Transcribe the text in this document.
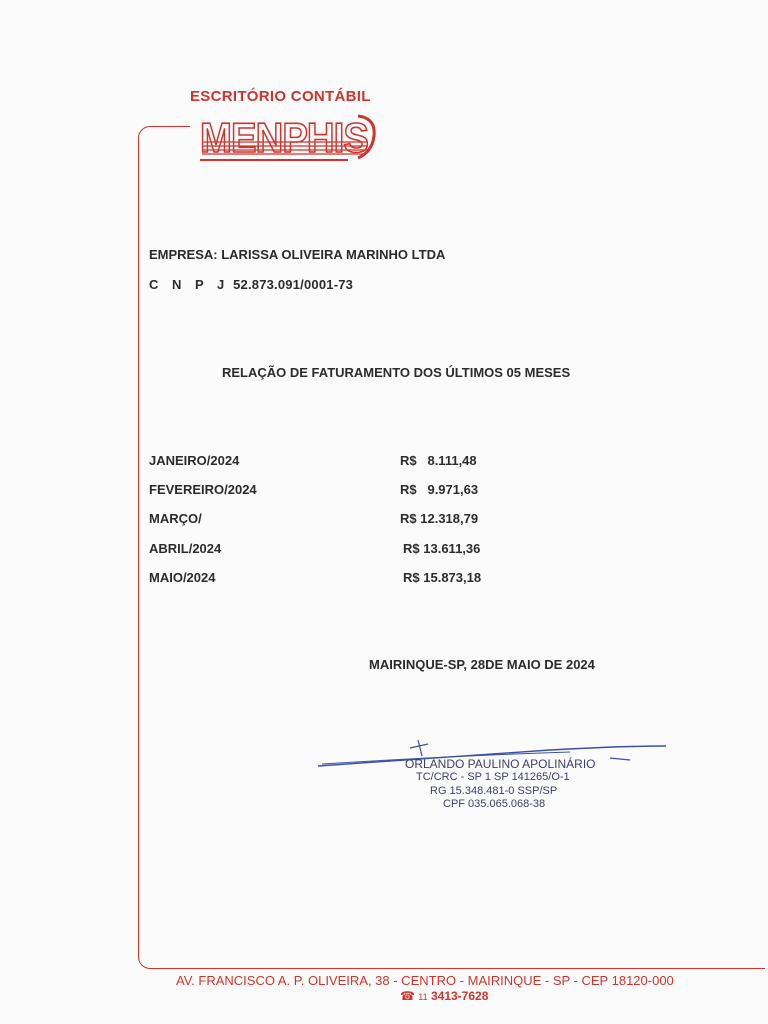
ESCRITÓRIO CONTÁBIL
MENPHIS
EMPRESA: LARISSA OLIVEIRA MARINHO LTDA
C N P J 52.873.091/0001-73
RELAÇÃO DE FATURAMENTO DOS ÚLTIMOS 05 MESES
JANEIRO/2024	R$ 8.111,48
FEVEREIRO/2024	R$ 9.971,63
MARÇO/	R$ 12.318,79
ABRIL/2024	R$ 13.611,36
MAIO/2024	R$ 15.873,18
MAIRINQUE-SP, 28DE MAIO DE 2024
ORLANDO PAULINO APOLINÁRIO
TC/CRC - SP 1 SP 141265/O-1
RG 15.348.481-0 SSP/SP
CPF 035.065.068-38
AV. FRANCISCO A. P. OLIVEIRA, 38 - CENTRO - MAIRINQUE - SP - CEP 18120-000
☎ 11 3413-7628
